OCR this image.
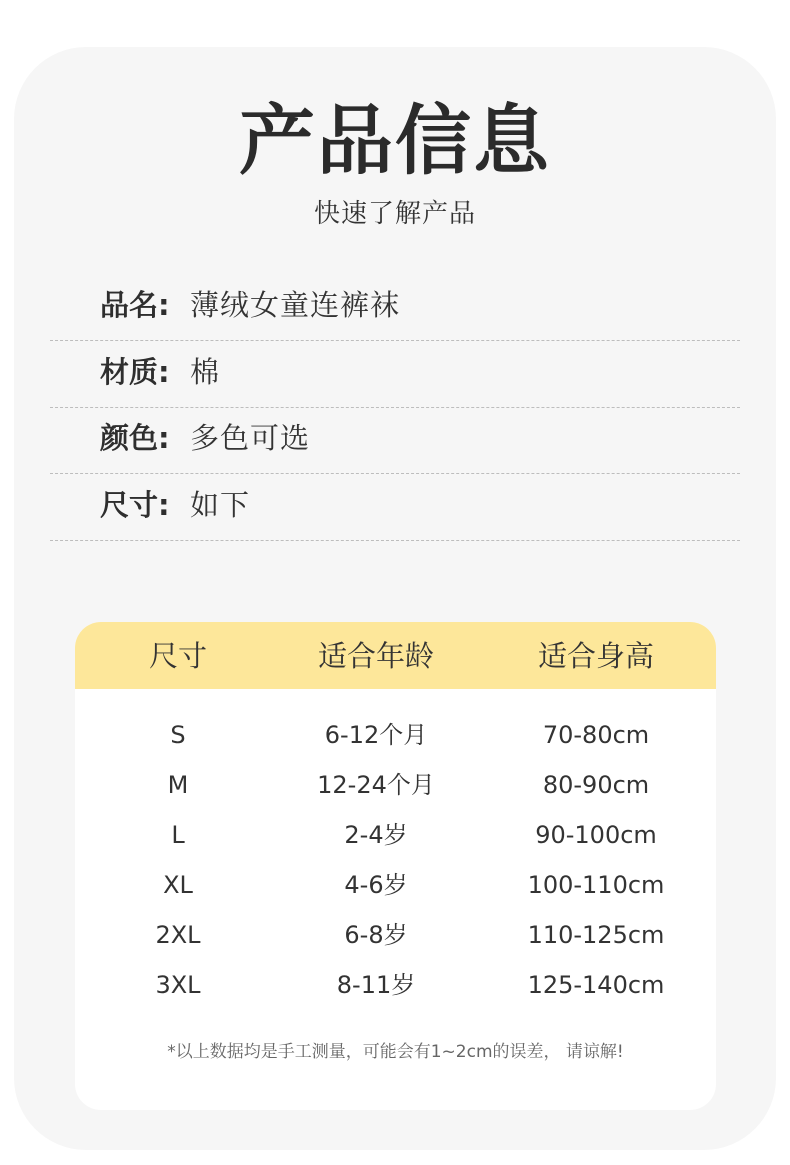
产品信息
快速了解产品
品名: 薄绒女童连裤袜
材质: 棉
颜色: 多色可选
尺寸: 如下
尺寸	适合年龄	适合身高
S	6-12个月	70-80cm
M	12-24个月	80-90cm
L	2-4岁	90-100cm
XL	4-6岁	100-110cm
2XL	6-8岁	110-125cm
3XL	8-11岁	125-140cm
*以上数据均是手工测量，可能会有1~2cm的误差， 请谅解!
